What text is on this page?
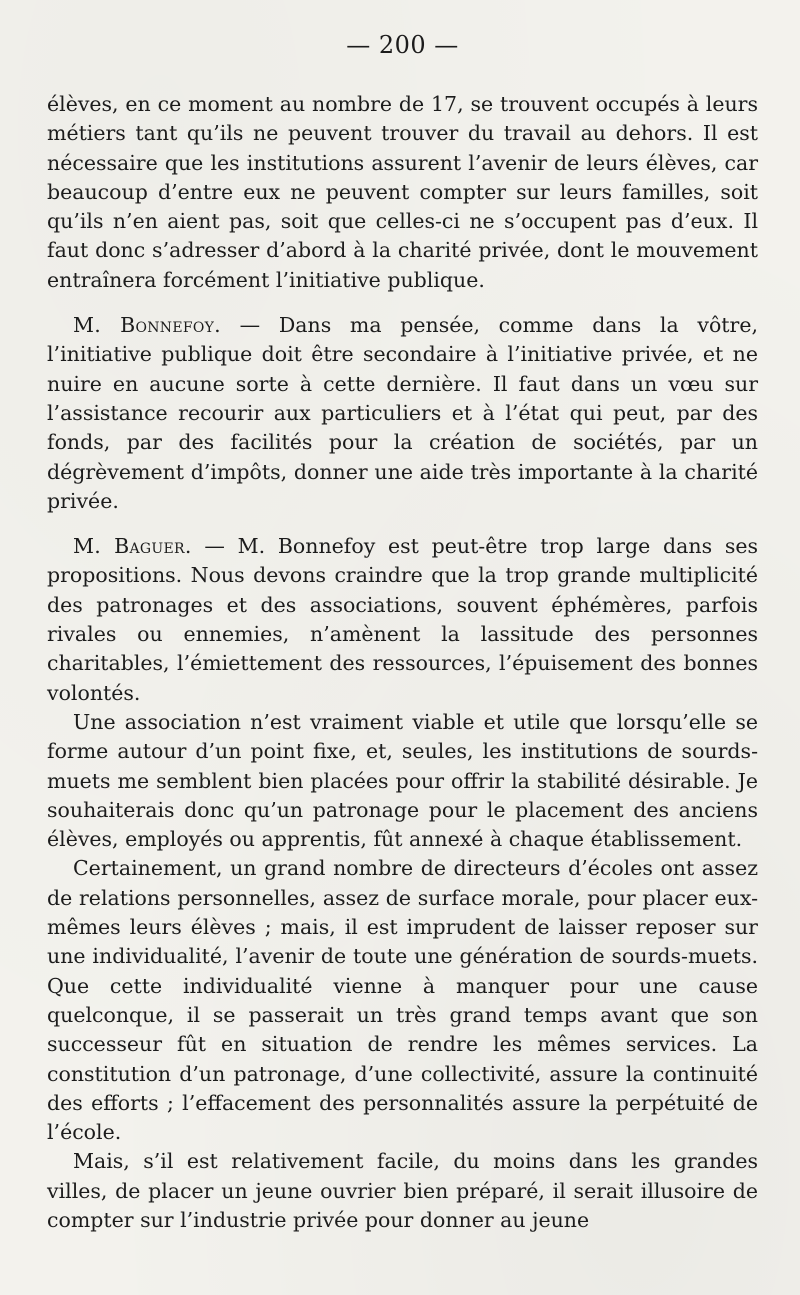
— 200 —

élèves, en ce moment au nombre de 17, se trouvent occupés à leurs métiers tant qu’ils ne peuvent trouver du travail au dehors. Il est nécessaire que les institutions assurent l’avenir de leurs élèves, car beaucoup d’entre eux ne peuvent compter sur leurs familles, soit qu’ils n’en aient pas, soit que celles-ci ne s’occupent pas d’eux. Il faut donc s’adresser d’abord à la charité privée, dont le mouvement entraînera forcément l’initiative publique.

M. Bonnefoy. — Dans ma pensée, comme dans la vôtre, l’initiative publique doit être secondaire à l’initiative privée, et ne nuire en aucune sorte à cette dernière. Il faut dans un vœu sur l’assistance recourir aux particuliers et à l’état qui peut, par des fonds, par des facilités pour la création de sociétés, par un dégrèvement d’impôts, donner une aide très importante à la charité privée.

M. Baguer. — M. Bonnefoy est peut-être trop large dans ses propositions. Nous devons craindre que la trop grande multiplicité des patronages et des associations, souvent éphémères, parfois rivales ou ennemies, n’amènent la lassitude des personnes charitables, l’émiettement des ressources, l’épuisement des bonnes volontés.

Une association n’est vraiment viable et utile que lorsqu’elle se forme autour d’un point fixe, et, seules, les institutions de sourds-muets me semblent bien placées pour offrir la stabilité désirable. Je souhaiterais donc qu’un patronage pour le placement des anciens élèves, employés ou apprentis, fût annexé à chaque établissement.

Certainement, un grand nombre de directeurs d’écoles ont assez de relations personnelles, assez de surface morale, pour placer eux-mêmes leurs élèves ; mais, il est imprudent de laisser reposer sur une individualité, l’avenir de toute une génération de sourds-muets. Que cette individualité vienne à manquer pour une cause quelconque, il se passerait un très grand temps avant que son successeur fût en situation de rendre les mêmes services. La constitution d’un patronage, d’une collectivité, assure la continuité des efforts ; l’effacement des personnalités assure la perpétuité de l’école.

Mais, s’il est relativement facile, du moins dans les grandes villes, de placer un jeune ouvrier bien préparé, il serait illusoire de compter sur l’industrie privée pour donner au jeune
